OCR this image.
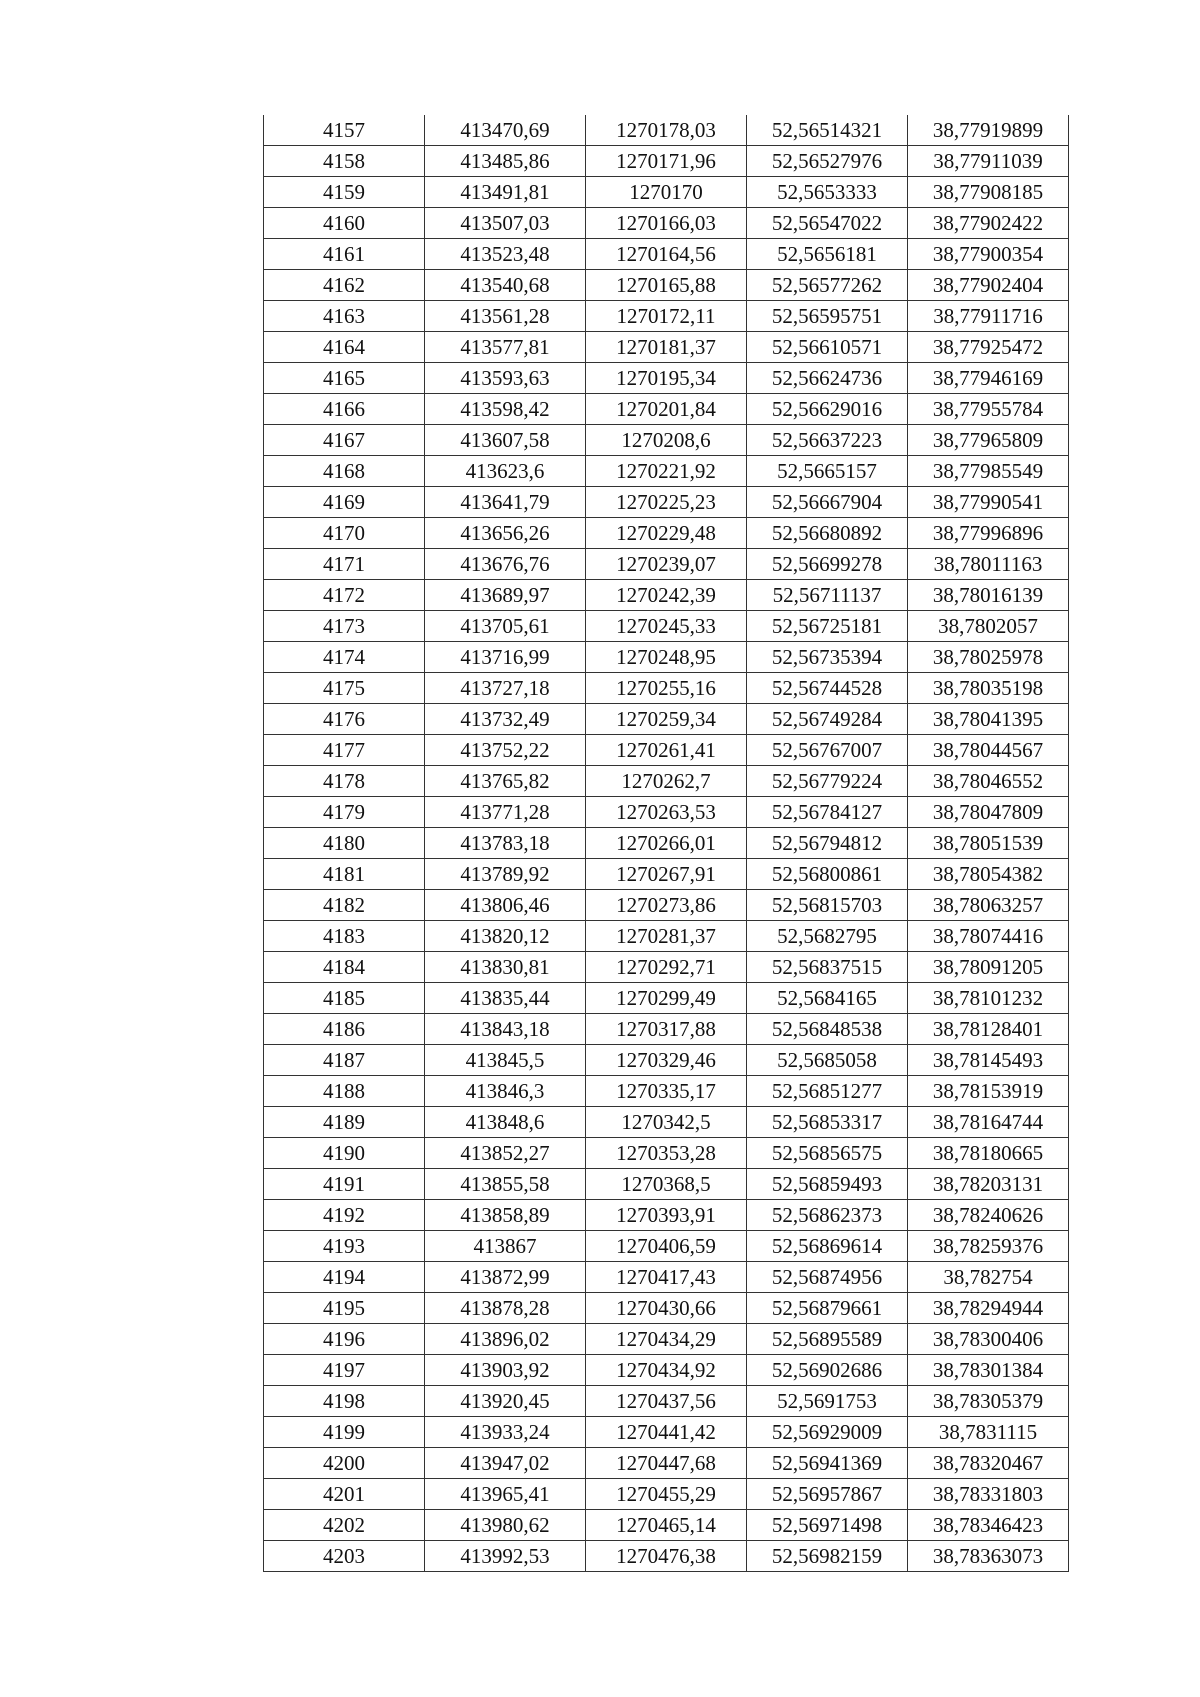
4157	413470,69	1270178,03	52,56514321	38,77919899
4158	413485,86	1270171,96	52,56527976	38,77911039
4159	413491,81	1270170	52,5653333	38,77908185
4160	413507,03	1270166,03	52,56547022	38,77902422
4161	413523,48	1270164,56	52,5656181	38,77900354
4162	413540,68	1270165,88	52,56577262	38,77902404
4163	413561,28	1270172,11	52,56595751	38,77911716
4164	413577,81	1270181,37	52,56610571	38,77925472
4165	413593,63	1270195,34	52,56624736	38,77946169
4166	413598,42	1270201,84	52,56629016	38,77955784
4167	413607,58	1270208,6	52,56637223	38,77965809
4168	413623,6	1270221,92	52,5665157	38,77985549
4169	413641,79	1270225,23	52,56667904	38,77990541
4170	413656,26	1270229,48	52,56680892	38,77996896
4171	413676,76	1270239,07	52,56699278	38,78011163
4172	413689,97	1270242,39	52,56711137	38,78016139
4173	413705,61	1270245,33	52,56725181	38,7802057
4174	413716,99	1270248,95	52,56735394	38,78025978
4175	413727,18	1270255,16	52,56744528	38,78035198
4176	413732,49	1270259,34	52,56749284	38,78041395
4177	413752,22	1270261,41	52,56767007	38,78044567
4178	413765,82	1270262,7	52,56779224	38,78046552
4179	413771,28	1270263,53	52,56784127	38,78047809
4180	413783,18	1270266,01	52,56794812	38,78051539
4181	413789,92	1270267,91	52,56800861	38,78054382
4182	413806,46	1270273,86	52,56815703	38,78063257
4183	413820,12	1270281,37	52,5682795	38,78074416
4184	413830,81	1270292,71	52,56837515	38,78091205
4185	413835,44	1270299,49	52,5684165	38,78101232
4186	413843,18	1270317,88	52,56848538	38,78128401
4187	413845,5	1270329,46	52,5685058	38,78145493
4188	413846,3	1270335,17	52,56851277	38,78153919
4189	413848,6	1270342,5	52,56853317	38,78164744
4190	413852,27	1270353,28	52,56856575	38,78180665
4191	413855,58	1270368,5	52,56859493	38,78203131
4192	413858,89	1270393,91	52,56862373	38,78240626
4193	413867	1270406,59	52,56869614	38,78259376
4194	413872,99	1270417,43	52,56874956	38,782754
4195	413878,28	1270430,66	52,56879661	38,78294944
4196	413896,02	1270434,29	52,56895589	38,78300406
4197	413903,92	1270434,92	52,56902686	38,78301384
4198	413920,45	1270437,56	52,5691753	38,78305379
4199	413933,24	1270441,42	52,56929009	38,7831115
4200	413947,02	1270447,68	52,56941369	38,78320467
4201	413965,41	1270455,29	52,56957867	38,78331803
4202	413980,62	1270465,14	52,56971498	38,78346423
4203	413992,53	1270476,38	52,56982159	38,78363073
